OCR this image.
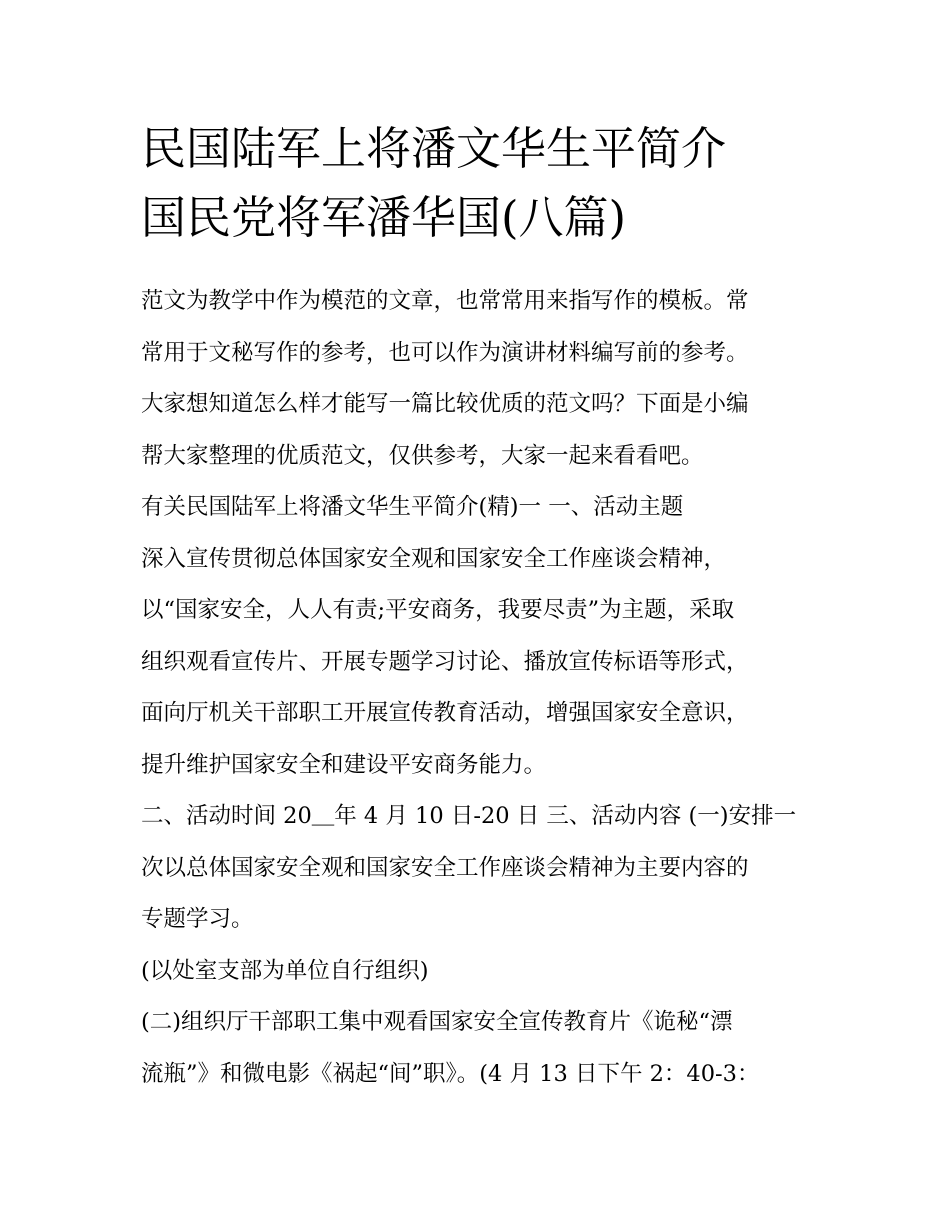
民国陆军上将潘文华生平简介
国民党将军潘华国(八篇)
范文为教学中作为模范的文章，也常常用来指写作的模板。常
常用于文秘写作的参考，也可以作为演讲材料编写前的参考。
大家想知道怎么样才能写一篇比较优质的范文吗？下面是小编
帮大家整理的优质范文，仅供参考，大家一起来看看吧。
有关民国陆军上将潘文华生平简介(精)一 一、活动主题
深入宣传贯彻总体国家安全观和国家安全工作座谈会精神，
以“国家安全，人人有责;平安商务，我要尽责”为主题，采取
组织观看宣传片、开展专题学习讨论、播放宣传标语等形式，
面向厅机关干部职工开展宣传教育活动，增强国家安全意识，
提升维护国家安全和建设平安商务能力。
二、活动时间 20＿年 4 月 10 日-20 日 三、活动内容 (一)安排一
次以总体国家安全观和国家安全工作座谈会精神为主要内容的
专题学习。
(以处室支部为单位自行组织)
(二)组织厅干部职工集中观看国家安全宣传教育片《诡秘“漂
流瓶”》和微电影《祸起“间”职》。(4 月 13 日下午 2：40-3：
